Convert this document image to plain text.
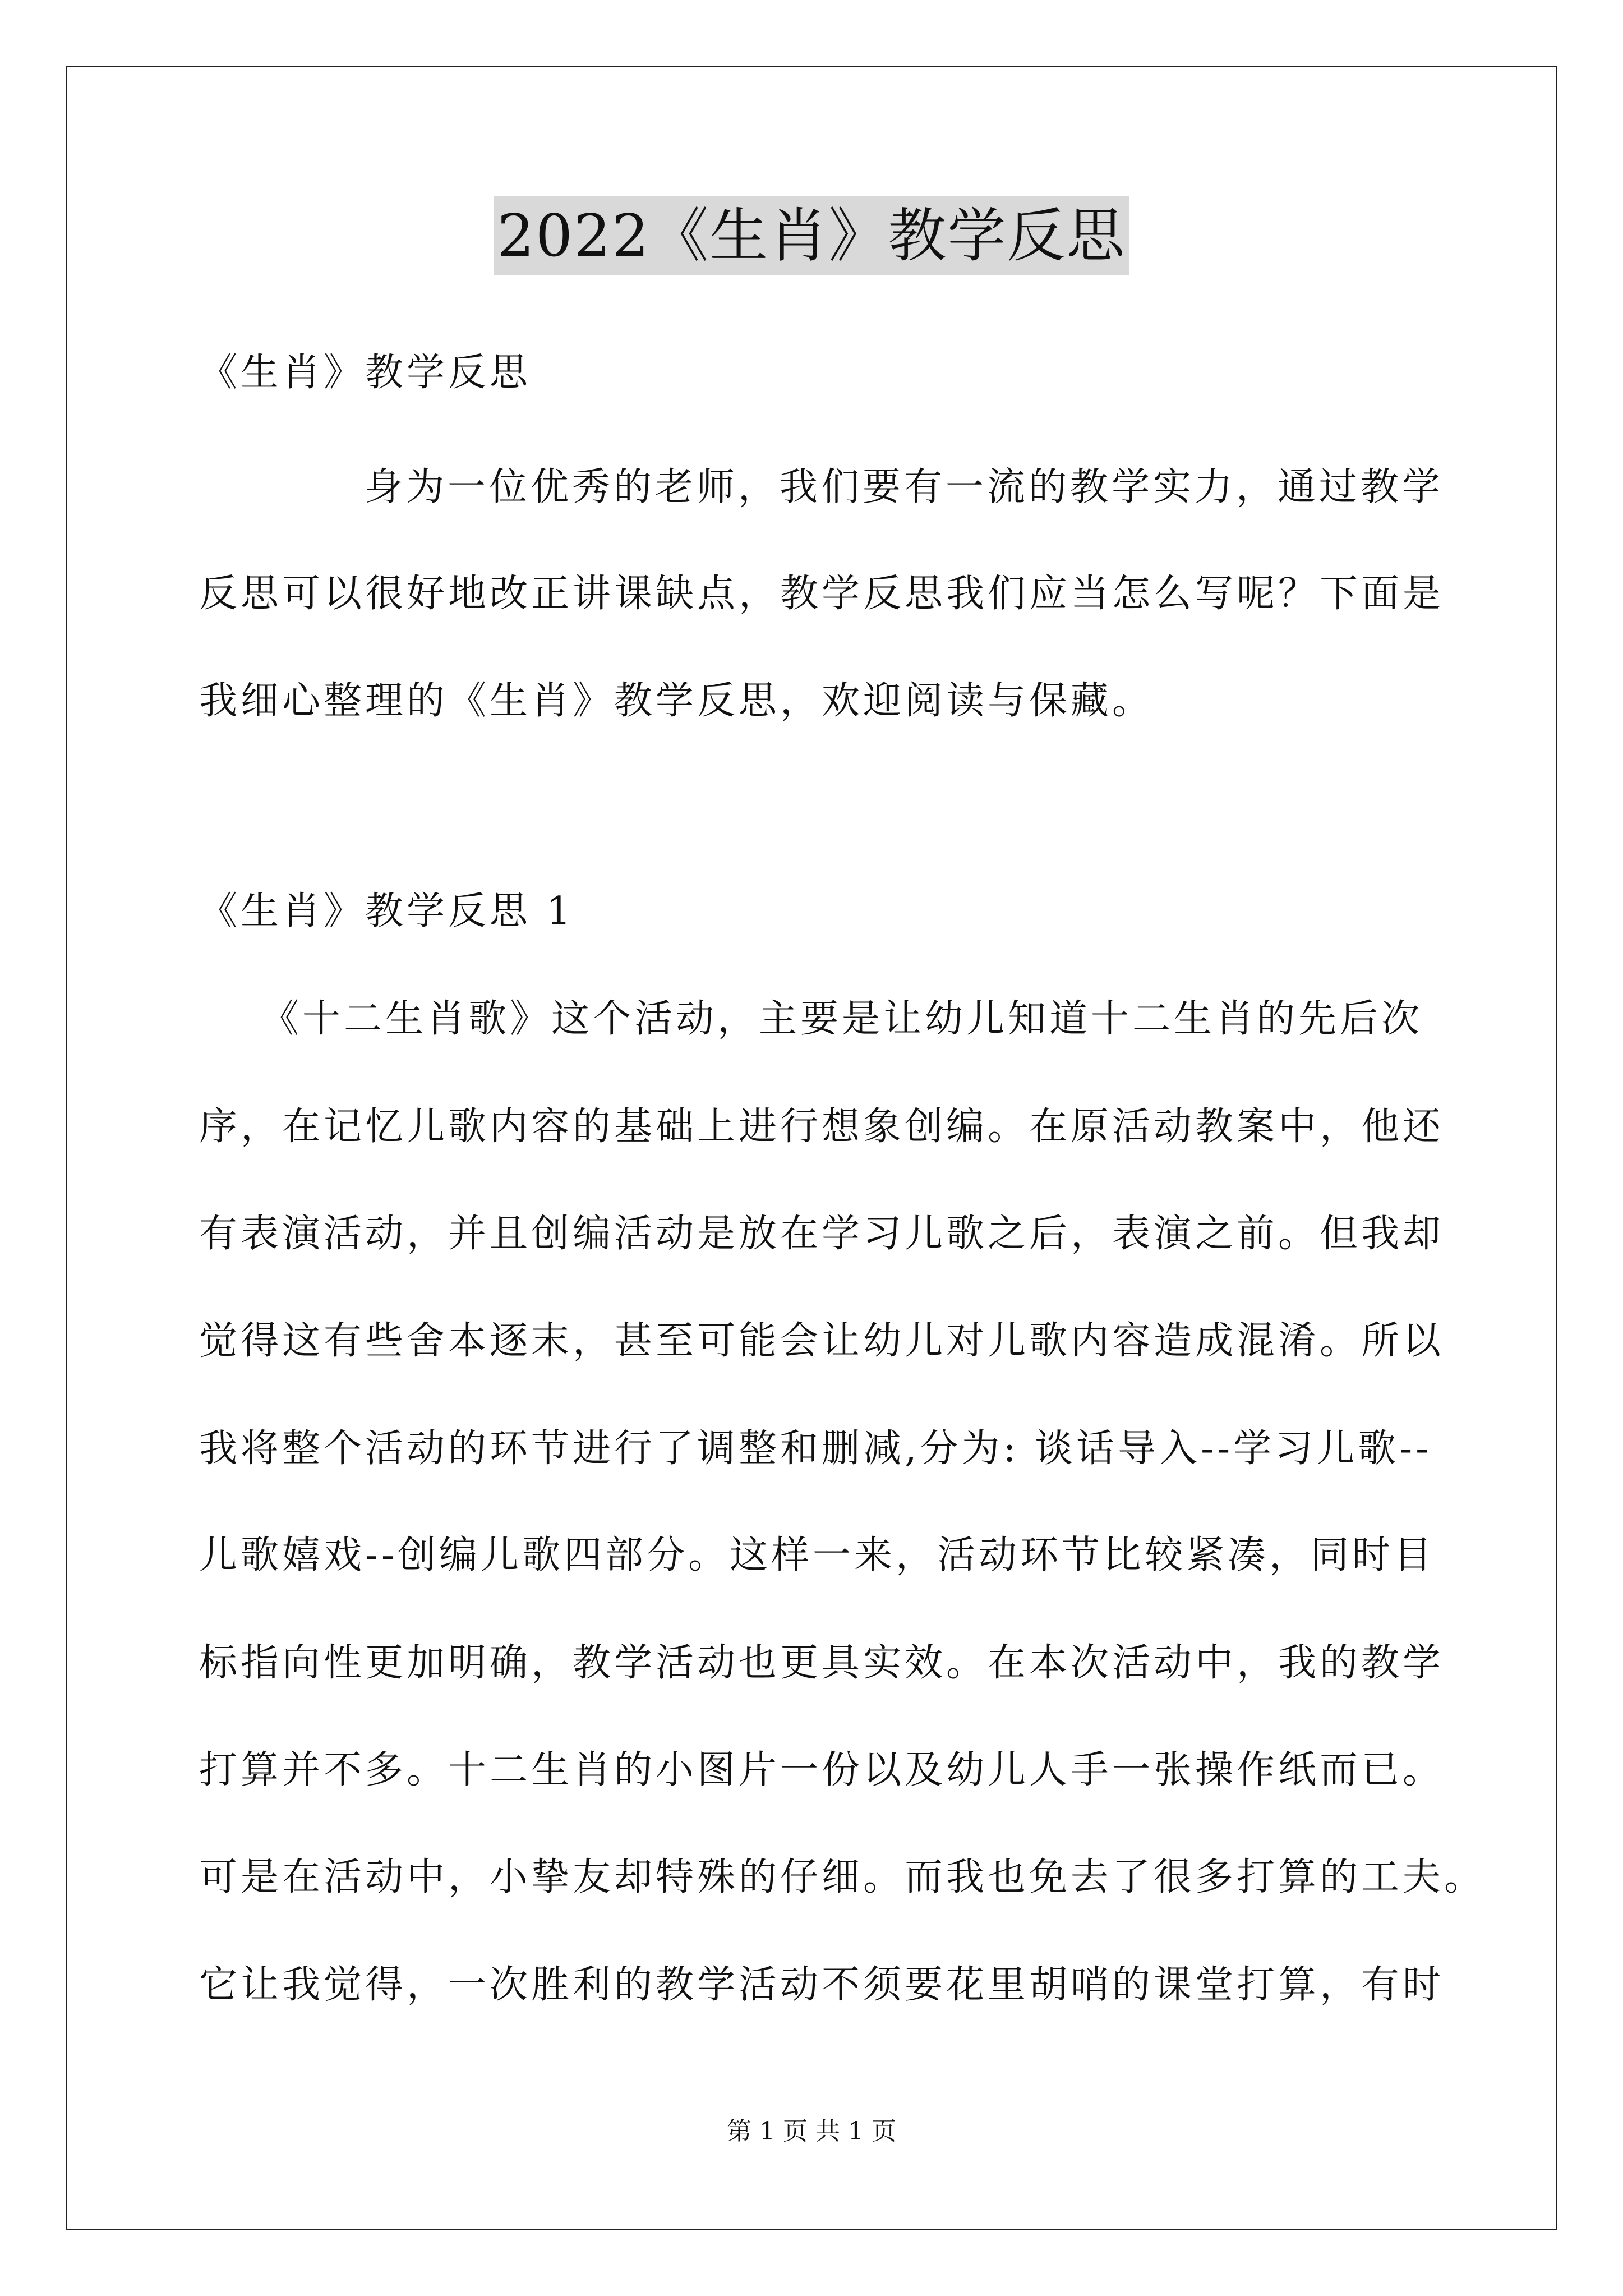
2022《生肖》教学反思
《生肖》教学反思
身为一位优秀的老师，我们要有一流的教学实力，通过教学
反思可以很好地改正讲课缺点，教学反思我们应当怎么写呢？下面是
我细心整理的《生肖》教学反思，欢迎阅读与保藏。
《生肖》教学反思 1
《十二生肖歌》这个活动，主要是让幼儿知道十二生肖的先后次
序，在记忆儿歌内容的基础上进行想象创编。在原活动教案中，他还
有表演活动，并且创编活动是放在学习儿歌之后，表演之前。但我却
觉得这有些舍本逐末，甚至可能会让幼儿对儿歌内容造成混淆。所以
我将整个活动的环节进行了调整和删减,分为: 谈话导入--学习儿歌--
儿歌嬉戏--创编儿歌四部分。这样一来，活动环节比较紧凑，同时目
标指向性更加明确，教学活动也更具实效。在本次活动中，我的教学
打算并不多。十二生肖的小图片一份以及幼儿人手一张操作纸而已。
可是在活动中，小挚友却特殊的仔细。而我也免去了很多打算的工夫。
它让我觉得，一次胜利的教学活动不须要花里胡哨的课堂打算，有时
第 1 页 共 1 页
